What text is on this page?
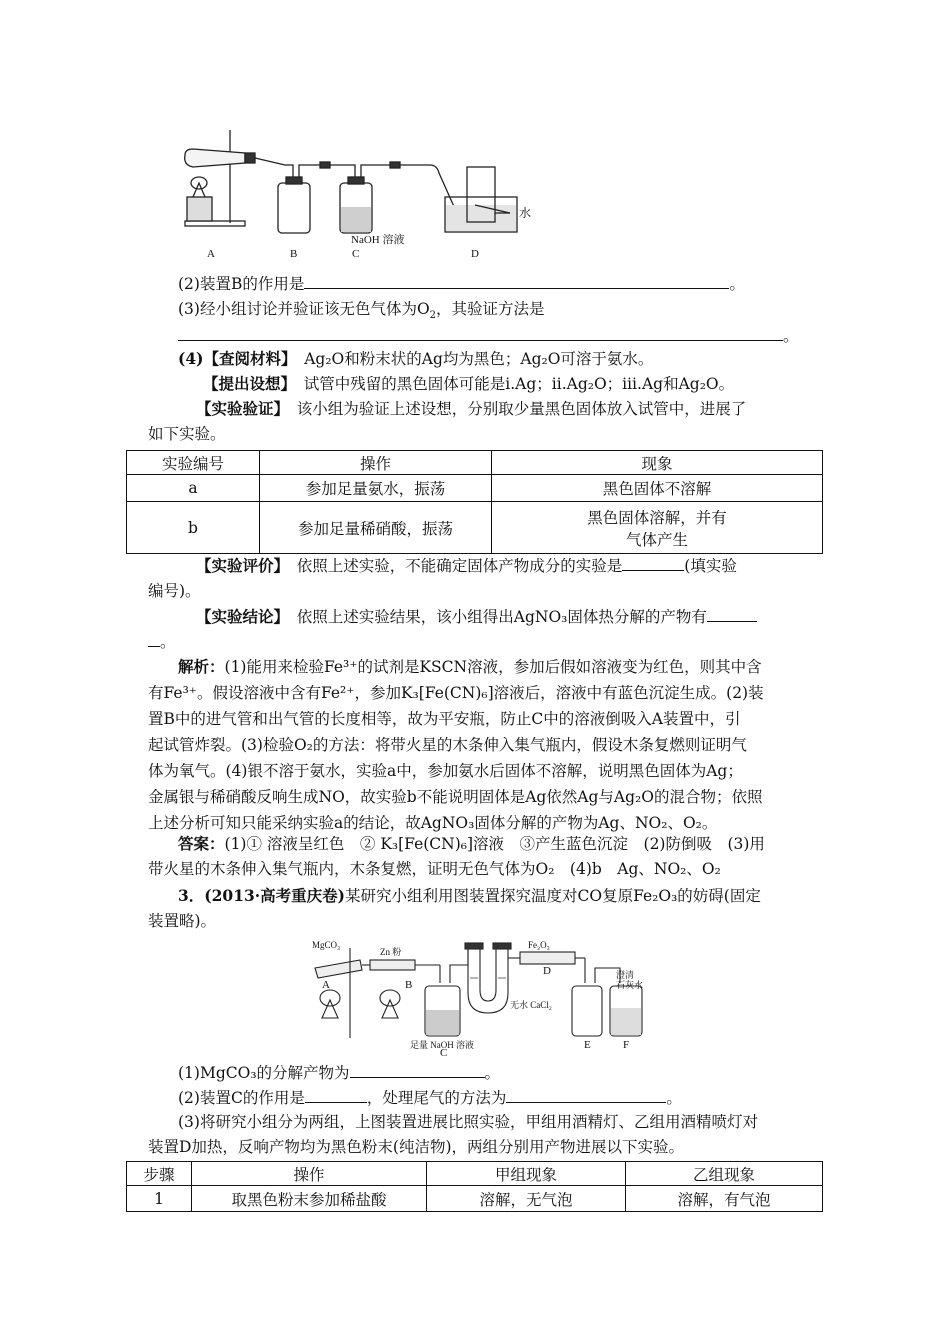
A	B	C	D
NaOH 溶液
水
(2)装置B的作用是	。
(3)经小组讨论并验证该无色气体为$O_2$，其验证方法是
。
(4)【查阅材料】　 Ag₂O和粉末状的Ag均为黑色；Ag₂O可溶于氨水。
【提出设想】　 试管中残留的黑色固体可能是ⅰ.Ag；ⅱ.Ag₂O；ⅲ.Ag和Ag₂O。
【实验验证】　 该小组为验证上述设想，分别取少量黑色固体放入试管中，进展了
如下实验。
实验编号	操作	现象
a	参加足量氨水，振荡	黑色固体不溶解
b	参加足量稀硝酸，振荡	黑色固体溶解，并有
气体产生
【实验评价】　 依照上述实验，不能确定固体产物成分的实验是	(填实验
编号)。
【实验结论】　 依照上述实验结果，该小组得出AgNO₃固体热分解的产物有
。
解析：(1)能用来检验Fe³⁺的试剂是KSCN溶液，参加后假如溶液变为红色，则其中含
有Fe³⁺。假设溶液中含有Fe²⁺，参加K₃[Fe(CN)₆]溶液后，溶液中有蓝色沉淀生成。(2)装
置B中的进气管和出气管的长度相等，故为平安瓶，防止C中的溶液倒吸入A装置中，引
起试管炸裂。(3)检验O₂的方法：将带火星的木条伸入集气瓶内，假设木条复燃则证明气
体为氧气。(4)银不溶于氨水，实验a中，参加氨水后固体不溶解，说明黑色固体为Ag；
金属银与稀硝酸反响生成NO，故实验b不能说明固体是Ag依然Ag与Ag₂O的混合物；依照
上述分析可知只能采纳实验a的结论，故AgNO₃固体分解的产物为Ag、NO₂、O₂。
答案：(1)① 溶液呈红色　② K₃[Fe(CN)₆]溶液　③产生蓝色沉淀　(2)防倒吸　(3)用
带火星的木条伸入集气瓶内，木条复燃，证明无色气体为O₂　(4)b　Ag、NO₂、O₂
3．(2013·高考重庆卷)某研究小组利用图装置探究温度对CO复原Fe₂O₃的妨碍(固定
装置略)。
MgCO₃
Zn 粉
Fe₂O₃
无水 CaCl₂
足量 NaOH 溶液
澄清
石灰水
A	B
C
D
E	F
(1)MgCO₃的分解产物为	。
(2)装置C的作用是	，处理尾气的方法为	。
(3)将研究小组分为两组，上图装置进展比照实验，甲组用酒精灯、乙组用酒精喷灯对
装置D加热，反响产物均为黑色粉末(纯洁物)，两组分别用产物进展以下实验。
步骤	操作	甲组现象	乙组现象
1	取黑色粉末参加稀盐酸	溶解，无气泡	溶解，有气泡
